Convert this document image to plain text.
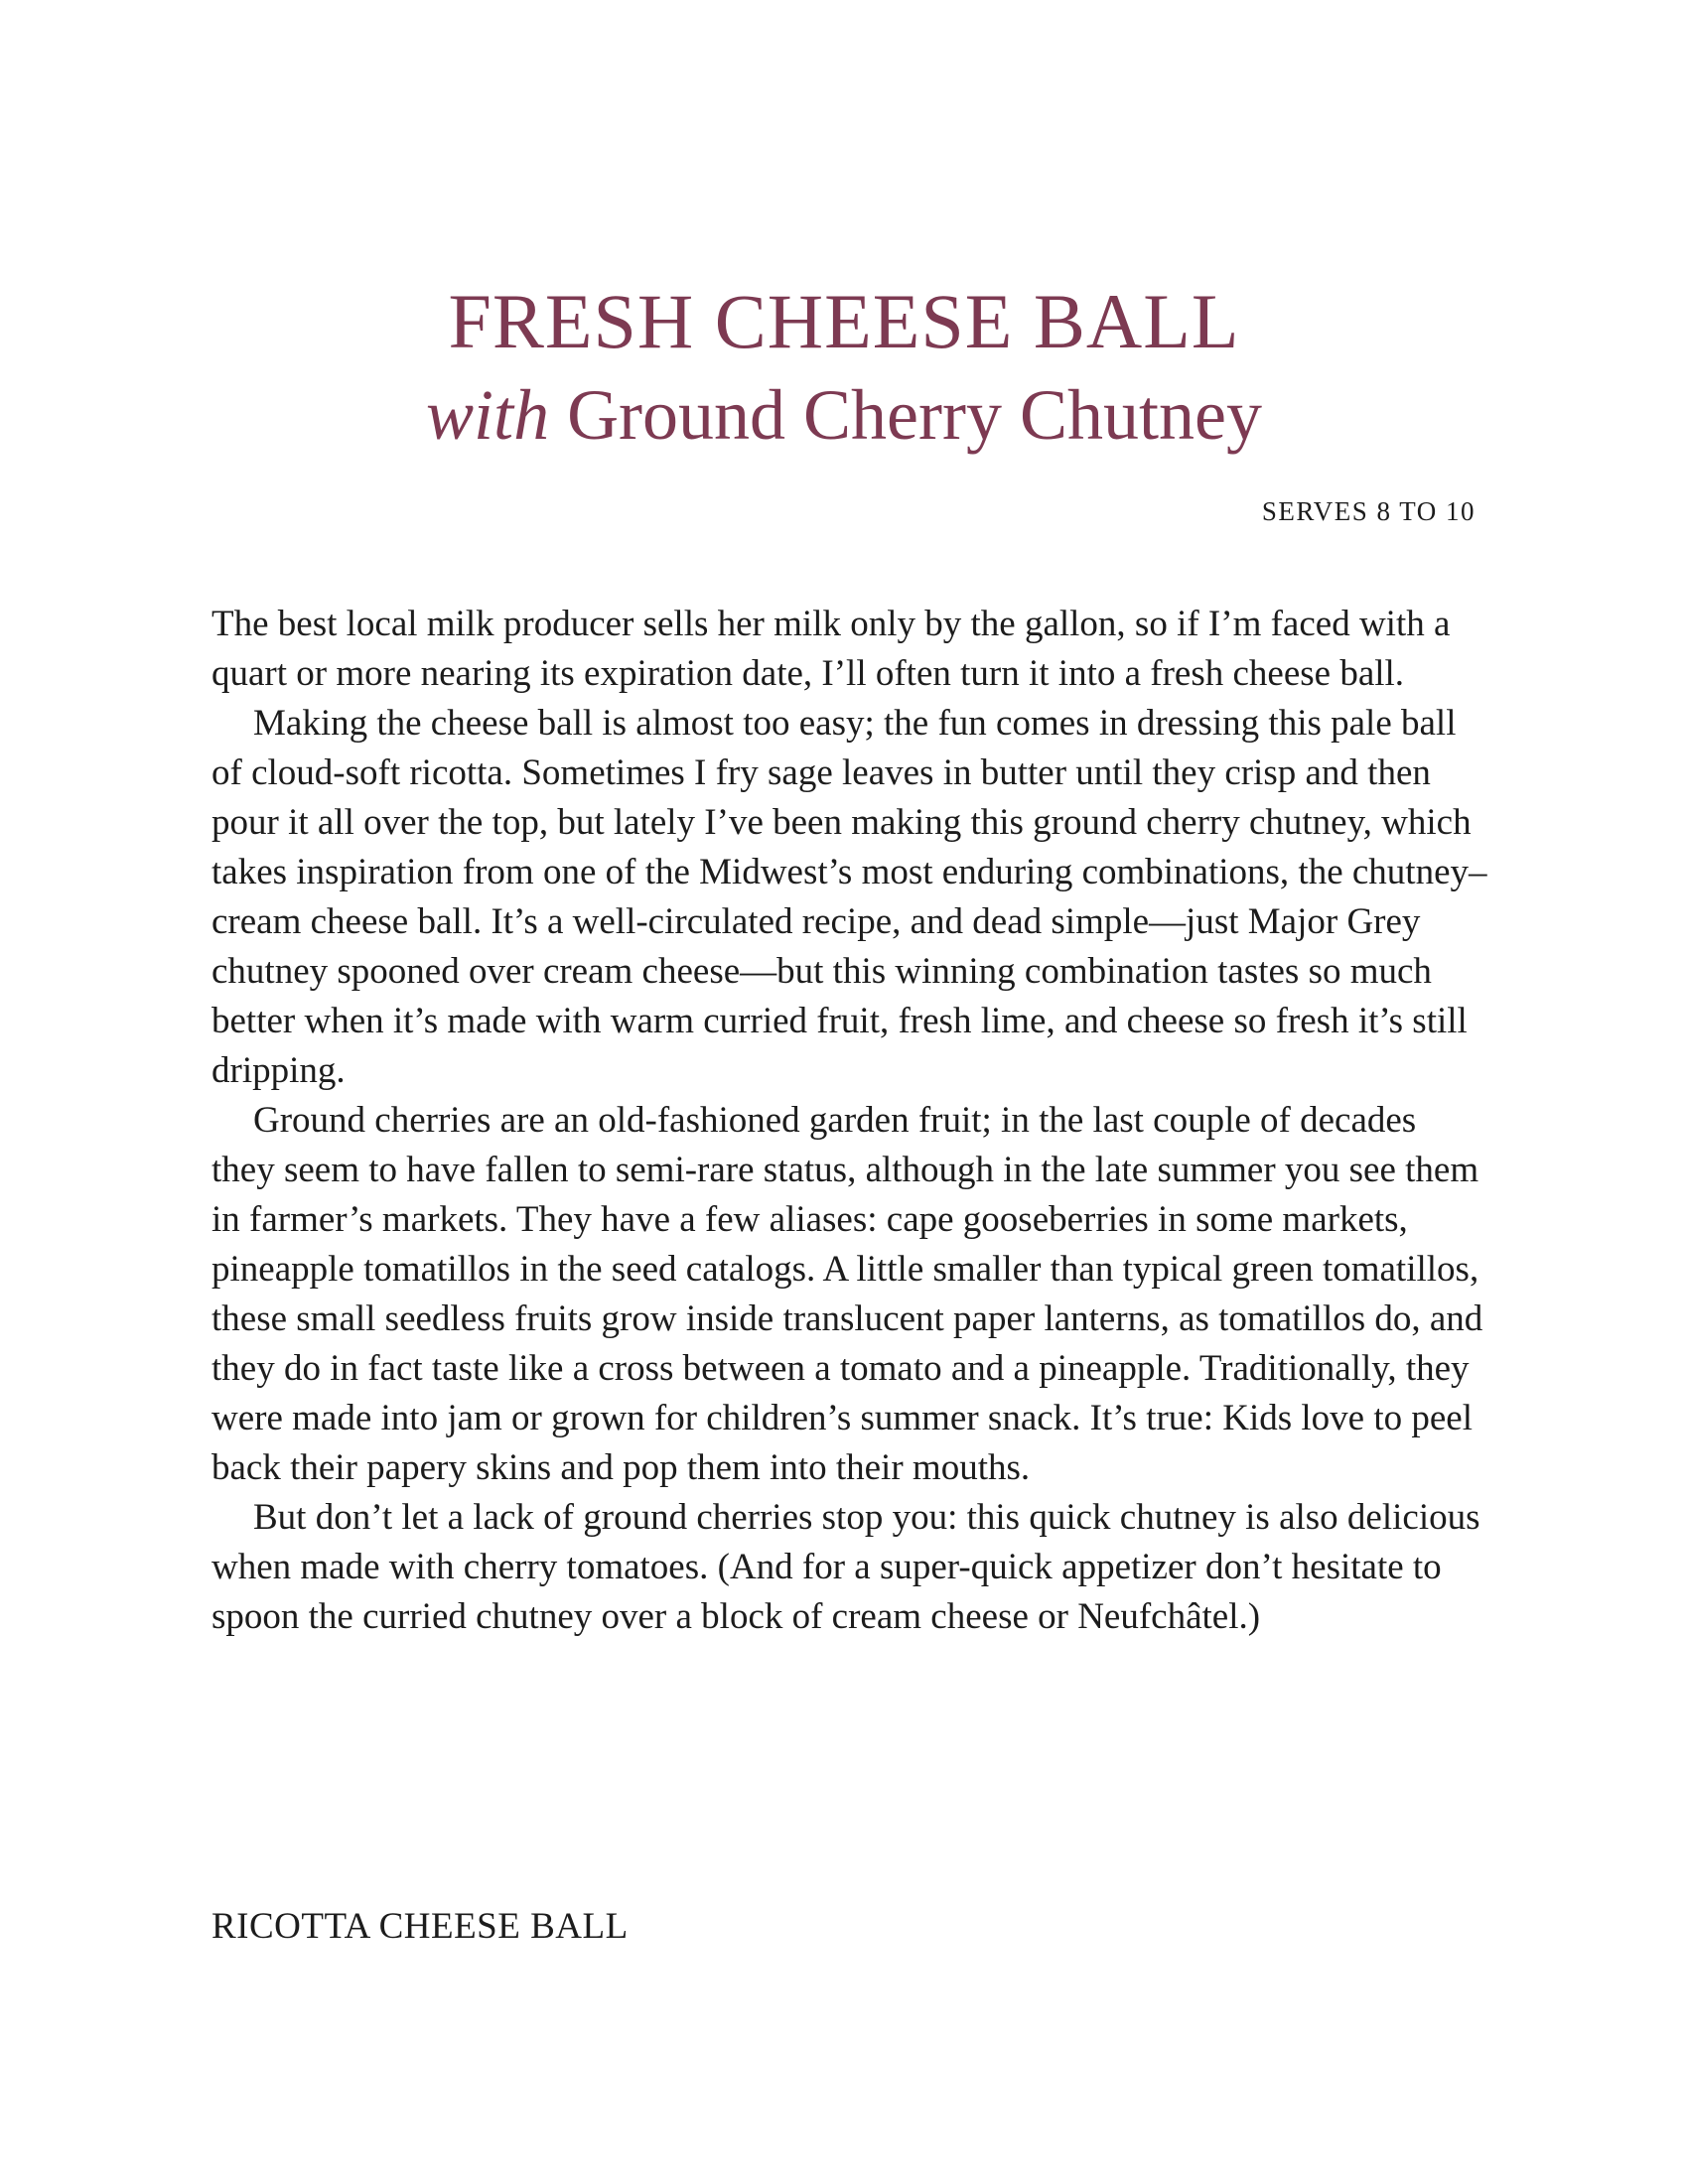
FRESH CHEESE BALL
with Ground Cherry Chutney
SERVES 8 TO 10

The best local milk producer sells her milk only by the gallon, so if I’m faced with a quart or more nearing its expiration date, I’ll often turn it into a fresh cheese ball.

Making the cheese ball is almost too easy; the fun comes in dressing this pale ball of cloud-soft ricotta. Sometimes I fry sage leaves in butter until they crisp and then pour it all over the top, but lately I’ve been making this ground cherry chutney, which takes inspiration from one of the Midwest’s most enduring combinations, the chutney–cream cheese ball. It’s a well-circulated recipe, and dead simple—just Major Grey chutney spooned over cream cheese—but this winning combination tastes so much better when it’s made with warm curried fruit, fresh lime, and cheese so fresh it’s still dripping.

Ground cherries are an old-fashioned garden fruit; in the last couple of decades they seem to have fallen to semi-rare status, although in the late summer you see them in farmer’s markets. They have a few aliases: cape gooseberries in some markets, pineapple tomatillos in the seed catalogs. A little smaller than typical green tomatillos, these small seedless fruits grow inside translucent paper lanterns, as tomatillos do, and they do in fact taste like a cross between a tomato and a pineapple. Traditionally, they were made into jam or grown for children’s summer snack. It’s true: Kids love to peel back their papery skins and pop them into their mouths.

But don’t let a lack of ground cherries stop you: this quick chutney is also delicious when made with cherry tomatoes. (And for a super-quick appetizer don’t hesitate to spoon the curried chutney over a block of cream cheese or Neufchâtel.)

RICOTTA CHEESE BALL
